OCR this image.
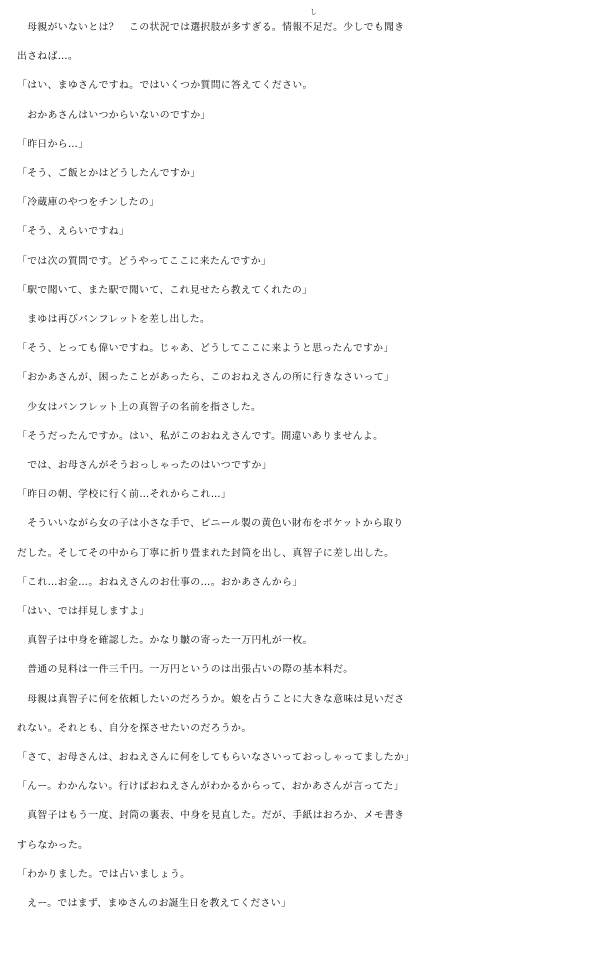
し
　母親がいないとは？　この状況では選択肢が多すぎる。情報不足だ。少しでも聞き
出さねば…。
「はい、まゆさんですね。ではいくつか質問に答えてください。
　おかあさんはいつからいないのですか」
「昨日から…」
「そう、ご飯とかはどうしたんですか」
「冷蔵庫のやつをチンしたの」
「そう、えらいですね」
「では次の質問です。どうやってここに来たんですか」
「駅で聞いて、また駅で聞いて、これ見せたら教えてくれたの」
　まゆは再びパンフレットを差し出した。
「そう、とっても偉いですね。じゃあ、どうしてここに来ようと思ったんですか」
「おかあさんが、困ったことがあったら、このおねえさんの所に行きなさいって」
　少女はパンフレット上の真智子の名前を指さした。
「そうだったんですか。はい、私がこのおねえさんです。間違いありませんよ。
　では、お母さんがそうおっしゃったのはいつですか」
「昨日の朝、学校に行く前…それからこれ…」
　そういいながら女の子は小さな手で、ビニール製の黄色い財布をポケットから取り
だした。そしてその中から丁寧に折り畳まれた封筒を出し、真智子に差し出した。
「これ…お金…。おねえさんのお仕事の…。おかあさんから」
「はい、では拝見しますよ」
　真智子は中身を確認した。かなり皺の寄った一万円札が一枚。
　普通の見料は一件三千円。一万円というのは出張占いの際の基本料だ。
　母親は真智子に何を依頼したいのだろうか。娘を占うことに大きな意味は見いださ
れない。それとも、自分を探させたいのだろうか。
「さて、お母さんは、おねえさんに何をしてもらいなさいっておっしゃってましたか」
「んー。わかんない。行けばおねえさんがわかるからって、おかあさんが言ってた」
　真智子はもう一度、封筒の裏表、中身を見直した。だが、手紙はおろか、メモ書き
すらなかった。
「わかりました。では占いましょう。
　えー。ではまず、まゆさんのお誕生日を教えてください」
